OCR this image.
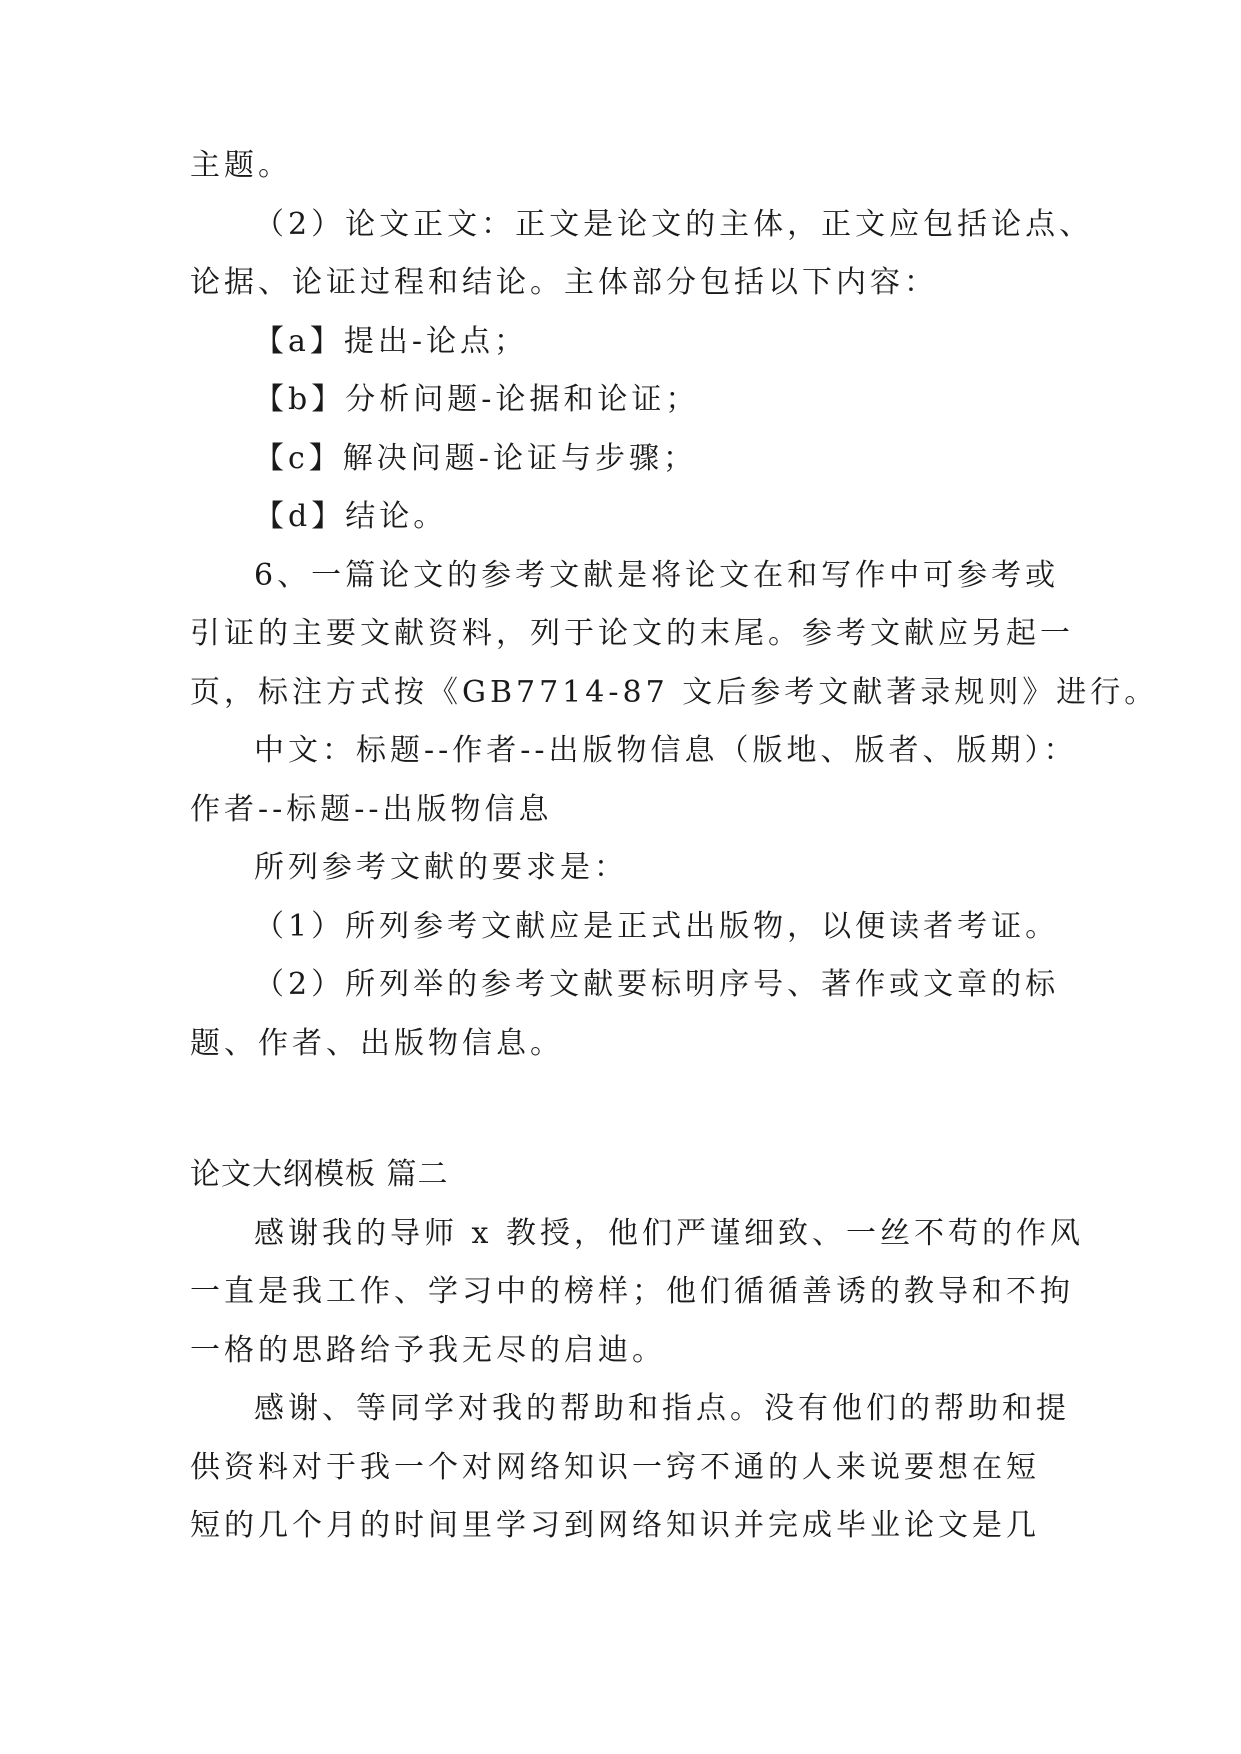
主题。
（2）论文正文：正文是论文的主体，正文应包括论点、
论据、论证过程和结论。主体部分包括以下内容：
【a】提出-论点；
【b】分析问题-论据和论证；
【c】解决问题-论证与步骤；
【d】结论。
6、一篇论文的参考文献是将论文在和写作中可参考或
引证的主要文献资料，列于论文的末尾。参考文献应另起一
页，标注方式按《GB7714-87 文后参考文献著录规则》进行。
中文：标题--作者--出版物信息（版地、版者、版期）：
作者--标题--出版物信息
所列参考文献的要求是：
（1）所列参考文献应是正式出版物，以便读者考证。
（2）所列举的参考文献要标明序号、著作或文章的标
题、作者、出版物信息。
论文大纲模板 篇二
感谢我的导师 x 教授，他们严谨细致、一丝不苟的作风
一直是我工作、学习中的榜样；他们循循善诱的教导和不拘
一格的思路给予我无尽的启迪。
感谢、等同学对我的帮助和指点。没有他们的帮助和提
供资料对于我一个对网络知识一窍不通的人来说要想在短
短的几个月的时间里学习到网络知识并完成毕业论文是几
